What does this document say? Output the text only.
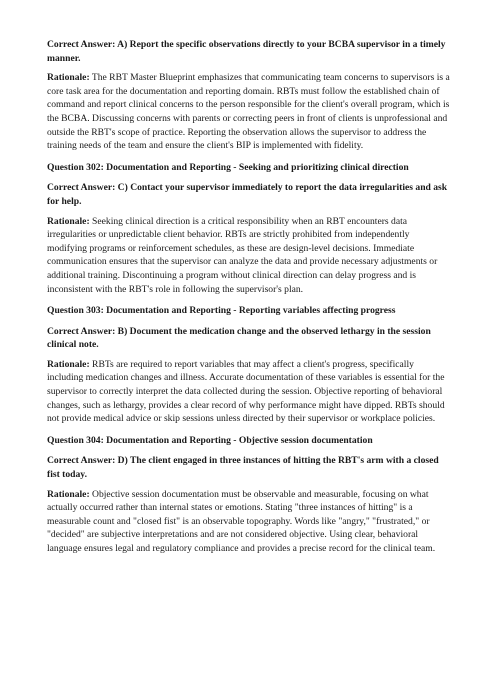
Correct Answer: A) Report the specific observations directly to your BCBA supervisor in a timely manner.
Rationale: The RBT Master Blueprint emphasizes that communicating team concerns to supervisors is a core task area for the documentation and reporting domain. RBTs must follow the established chain of command and report clinical concerns to the person responsible for the client's overall program, which is the BCBA. Discussing concerns with parents or correcting peers in front of clients is unprofessional and outside the RBT's scope of practice. Reporting the observation allows the supervisor to address the training needs of the team and ensure the client's BIP is implemented with fidelity.
Question 302: Documentation and Reporting - Seeking and prioritizing clinical direction
Correct Answer: C) Contact your supervisor immediately to report the data irregularities and ask for help.
Rationale: Seeking clinical direction is a critical responsibility when an RBT encounters data irregularities or unpredictable client behavior. RBTs are strictly prohibited from independently modifying programs or reinforcement schedules, as these are design-level decisions. Immediate communication ensures that the supervisor can analyze the data and provide necessary adjustments or additional training. Discontinuing a program without clinical direction can delay progress and is inconsistent with the RBT's role in following the supervisor's plan.
Question 303: Documentation and Reporting - Reporting variables affecting progress
Correct Answer: B) Document the medication change and the observed lethargy in the session clinical note.
Rationale: RBTs are required to report variables that may affect a client's progress, specifically including medication changes and illness. Accurate documentation of these variables is essential for the supervisor to correctly interpret the data collected during the session. Objective reporting of behavioral changes, such as lethargy, provides a clear record of why performance might have dipped. RBTs should not provide medical advice or skip sessions unless directed by their supervisor or workplace policies.
Question 304: Documentation and Reporting - Objective session documentation
Correct Answer: D) The client engaged in three instances of hitting the RBT's arm with a closed fist today.
Rationale: Objective session documentation must be observable and measurable, focusing on what actually occurred rather than internal states or emotions. Stating "three instances of hitting" is a measurable count and "closed fist" is an observable topography. Words like "angry," "frustrated," or "decided" are subjective interpretations and are not considered objective. Using clear, behavioral language ensures legal and regulatory compliance and provides a precise record for the clinical team.
